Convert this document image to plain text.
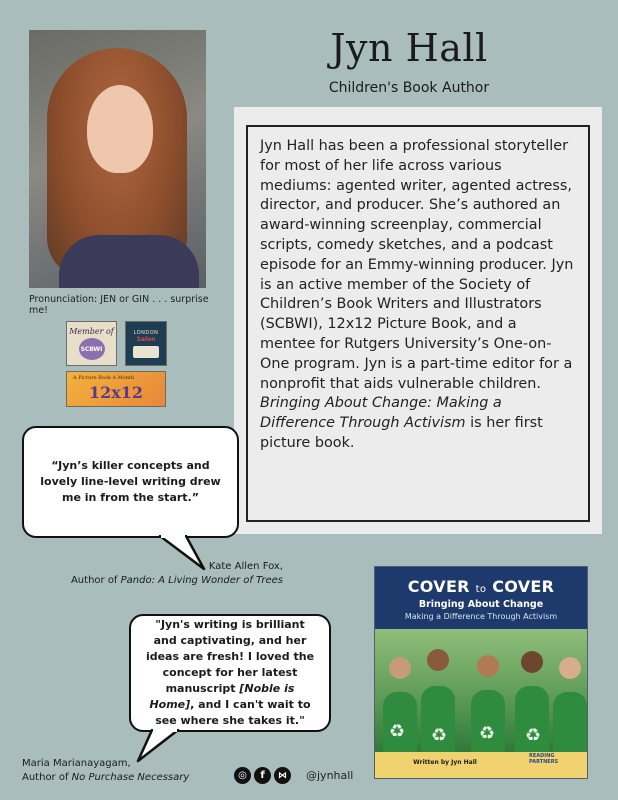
Pronunciation: JEN or GIN . . . surprise me!
Member of
SCBWI
LONDON
Salon
A Picture Book A Month
12x12
Jyn Hall
Children's Book Author

Jyn Hall has been a professional storyteller for most of her life across various mediums: agented writer, agented actress, director, and producer. She’s authored an award-winning screenplay, commercial scripts, comedy sketches, and a podcast episode for an Emmy-winning producer. Jyn is an active member of the Society of Children’s Book Writers and Illustrators (SCBWI), 12x12 Picture Book, and a mentee for Rutgers University’s One-on-One program. Jyn is a part-time editor for a nonprofit that aids vulnerable children. Bringing About Change: Making a Difference Through Activism is her first picture book.

“Jyn’s killer concepts and lovely line-level writing drew me in from the start.”
Kate Allen Fox,
Author of Pando: A Living Wonder of Trees
"Jyn's writing is brilliant and captivating, and her ideas are fresh! I loved the concept for her latest manuscript [Noble is Home], and I can't wait to see where she takes it."
Maria Marianayagam,
Author of No Purchase Necessary
COVER to COVER
Bringing About Change
Making a Difference Through Activism
♻ ♻ ♻ ♻
Written by Jyn Hall
READING PARTNERS
◎	f	⋈	@jynhall
